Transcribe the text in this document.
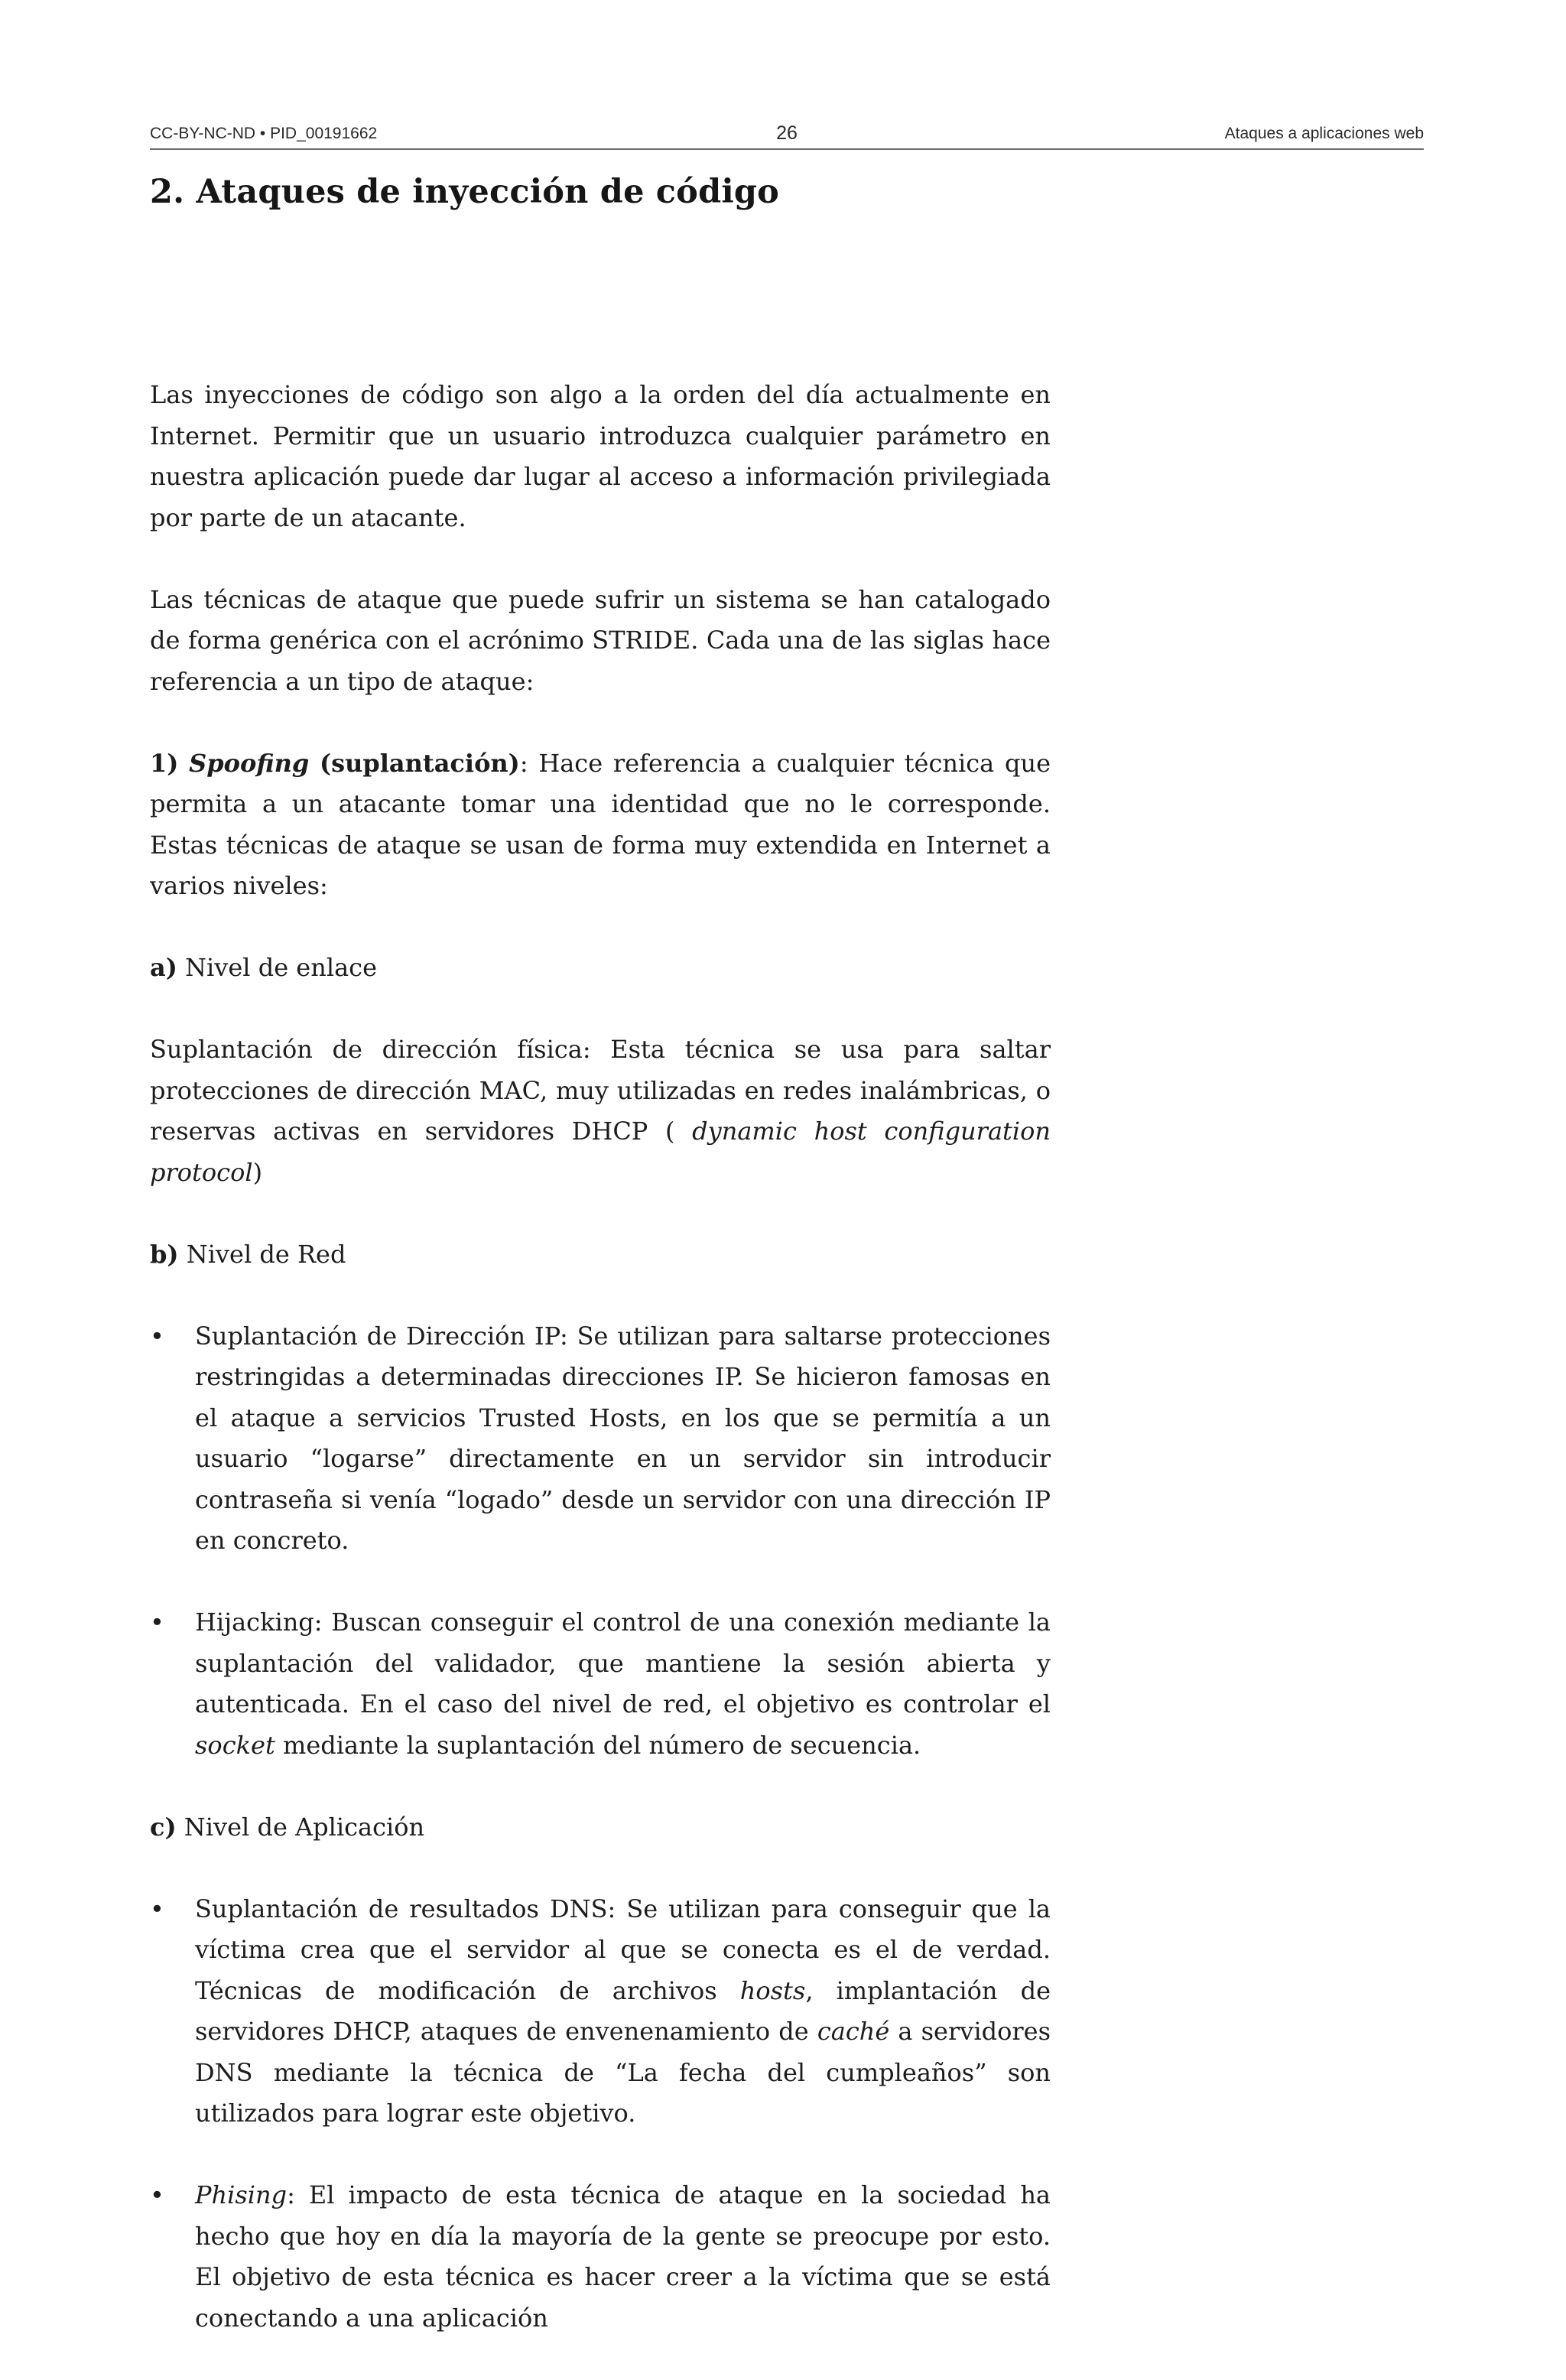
CC-BY-NC-ND • PID_00191662	26	Ataques a aplicaciones web
2. Ataques de inyección de código

Las inyecciones de código son algo a la orden del día actualmente en Internet. Permitir que un usuario introduzca cualquier parámetro en nuestra aplicación puede dar lugar al acceso a información privilegiada por parte de un atacante.

Las técnicas de ataque que puede sufrir un sistema se han catalogado de forma genérica con el acrónimo STRIDE. Cada una de las siglas hace referencia a un tipo de ataque:

1) Spoofing (suplantación): Hace referencia a cualquier técnica que permita a un atacante tomar una identidad que no le corresponde. Estas técnicas de ataque se usan de forma muy extendida en Internet a varios niveles:

a) Nivel de enlace

Suplantación de dirección física: Esta técnica se usa para saltar protecciones de dirección MAC, muy utilizadas en redes inalámbricas, o reservas activas en servidores DHCP ( dynamic host configuration protocol)

b) Nivel de Red

• Suplantación de Dirección IP: Se utilizan para saltarse protecciones restringidas a determinadas direcciones IP. Se hicieron famosas en el ataque a servicios Trusted Hosts, en los que se permitía a un usuario “logarse” directamente en un servidor sin introducir contraseña si venía “logado” desde un servidor con una dirección IP en concreto.
• Hijacking: Buscan conseguir el control de una conexión mediante la suplantación del validador, que mantiene la sesión abierta y autenticada. En el caso del nivel de red, el objetivo es controlar el socket mediante la suplantación del número de secuencia.

c) Nivel de Aplicación

• Suplantación de resultados DNS: Se utilizan para conseguir que la víctima crea que el servidor al que se conecta es el de verdad. Técnicas de modificación de archivos hosts, implantación de servidores DHCP, ataques de envenenamiento de caché a servidores DNS mediante la técnica de “La fecha del cumpleaños” son utilizados para lograr este objetivo.
• Phising: El impacto de esta técnica de ataque en la sociedad ha hecho que hoy en día la mayoría de la gente se preocupe por esto. El objetivo de esta técnica es hacer creer a la víctima que se está conectando a una aplicación
